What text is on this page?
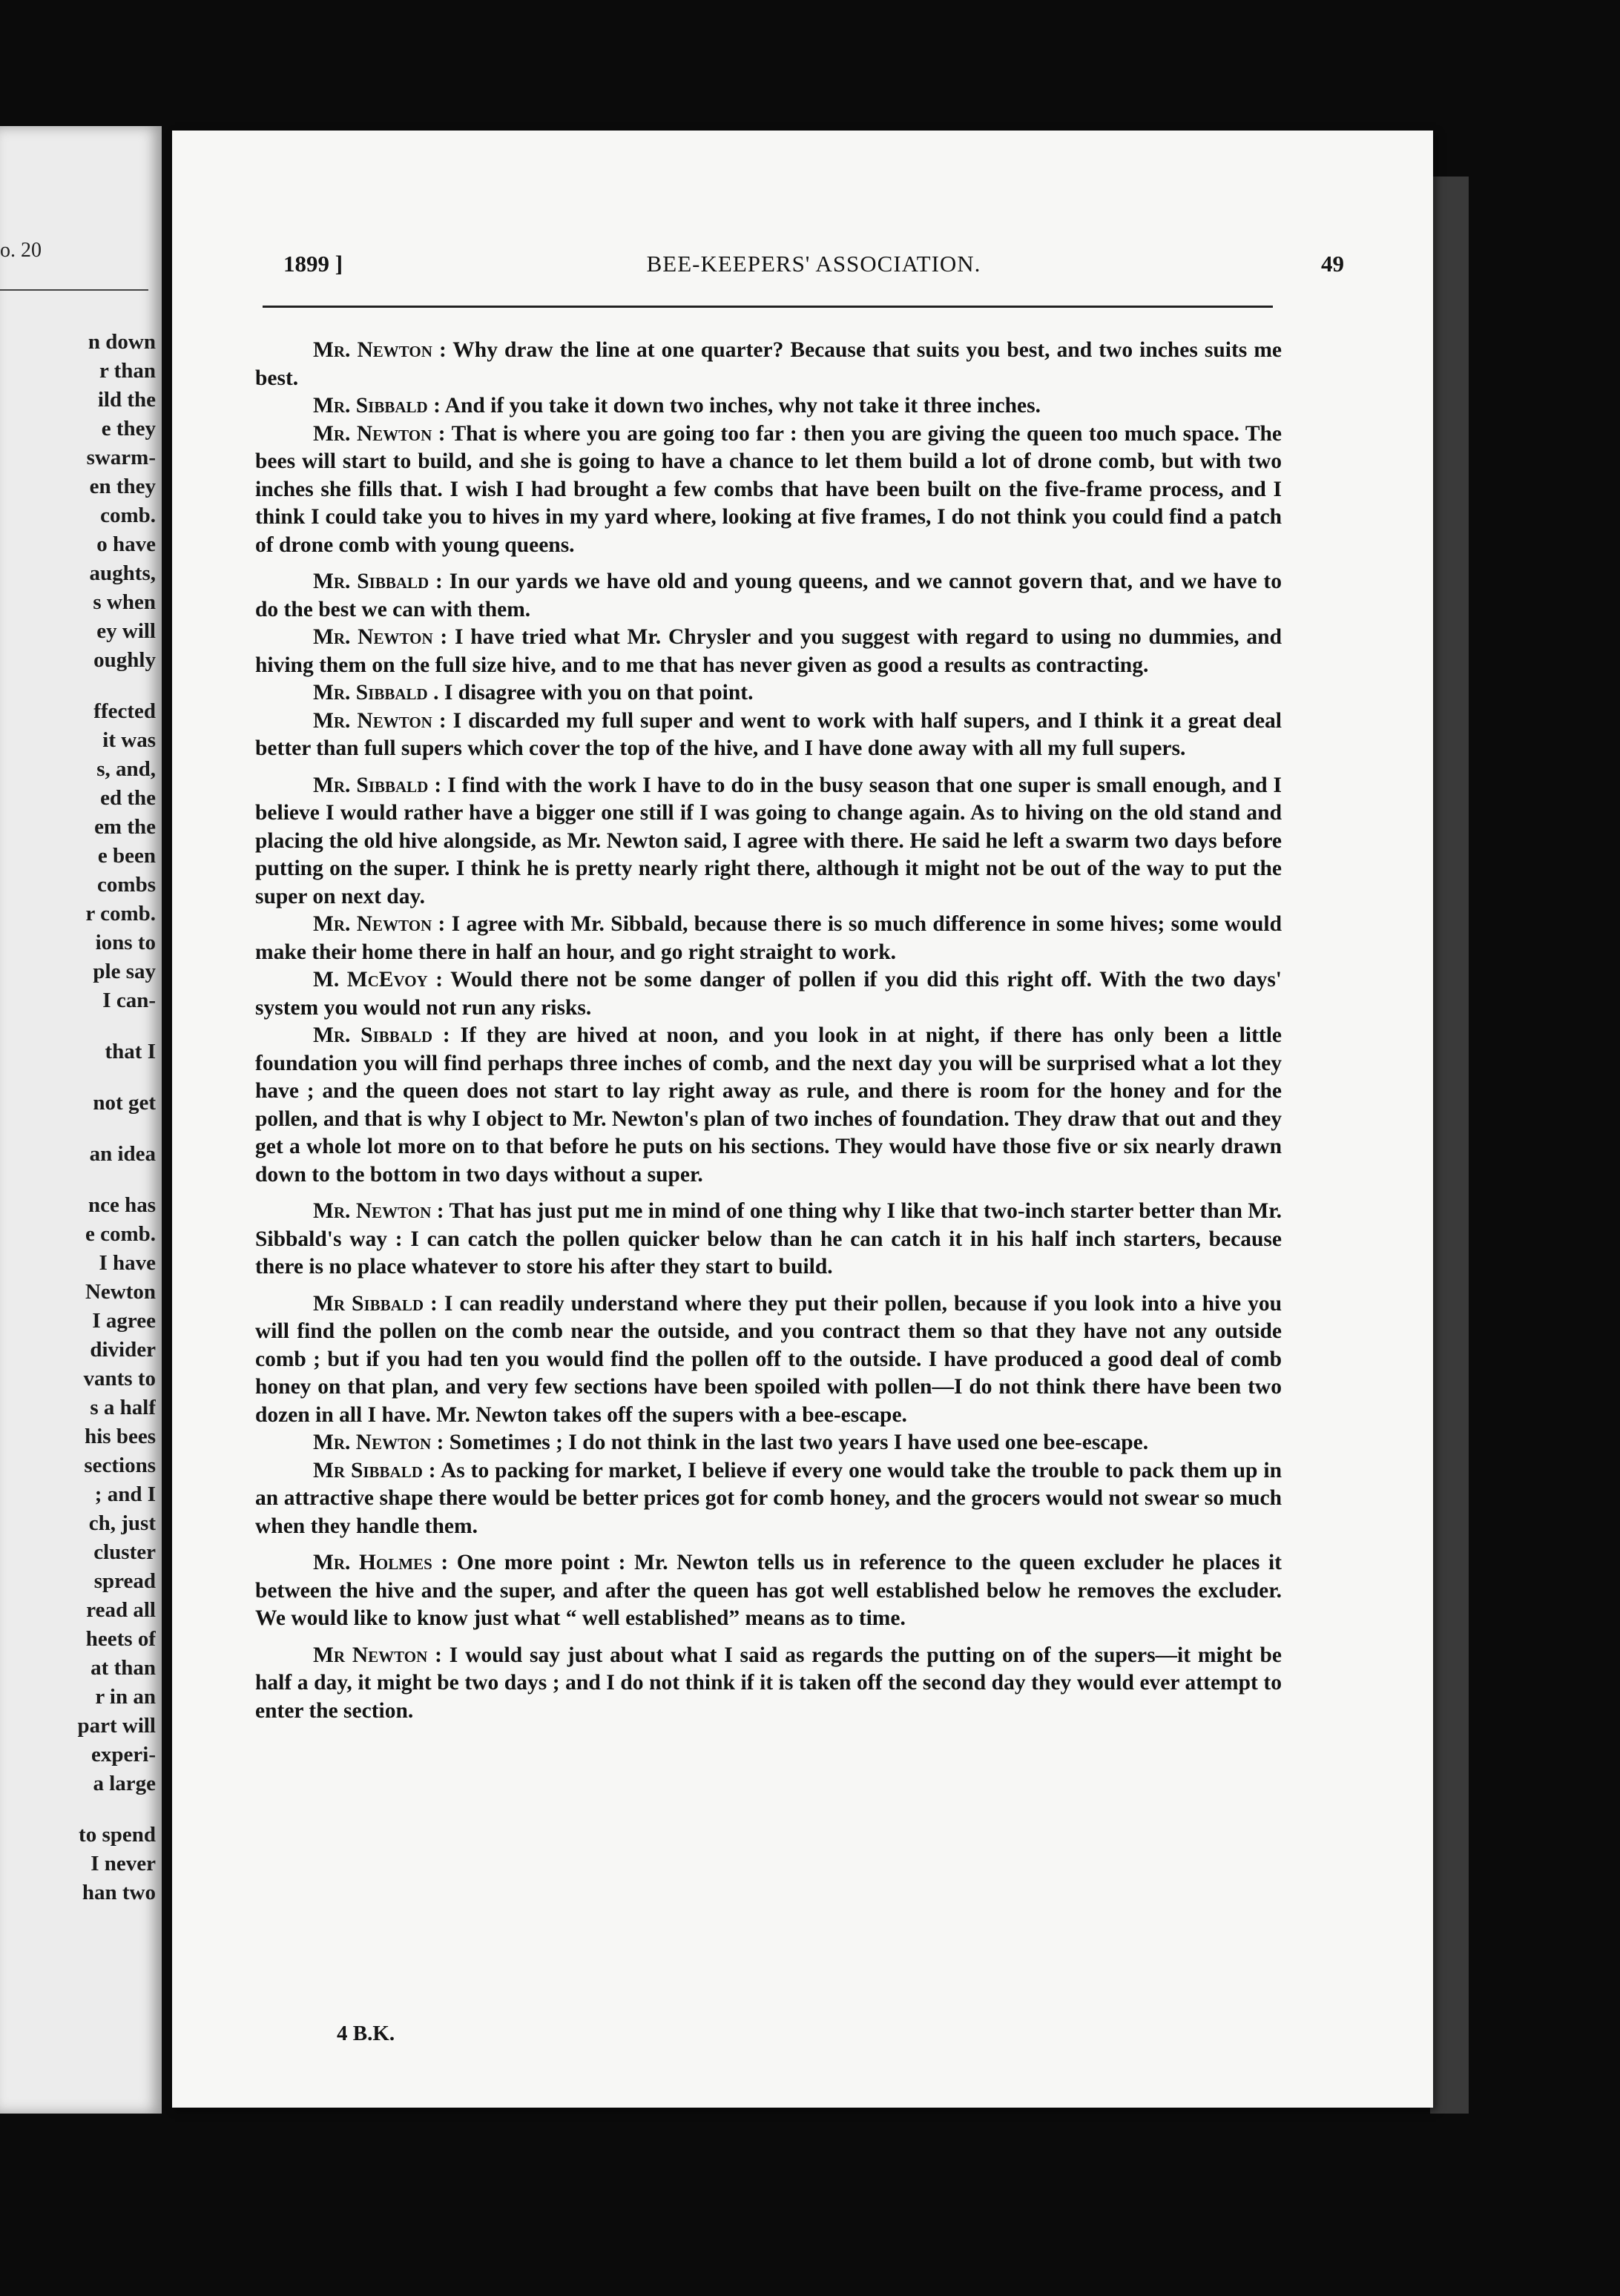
o. 20
n down
r than
ild the
e they
swarm-
en they
comb.
o have
aughts,
s when
ey will
oughly
ffected
it was
s, and,
ed the
em the
e been
combs
r comb.
ions to
ple say
I can-
that I
not get
an idea
nce has
e comb.
I have
Newton
I agree
divider
vants to
s a half
his bees
sections
; and I
ch, just
cluster
spread
read all
heets of
at than
r in an
part will
experi-
a large
to spend
I never
han two
1899 ]	BEE-KEEPERS' ASSOCIATION.	49

Mr. Newton : Why draw the line at one quarter? Because that suits you best, and two inches suits me best.

Mr. Sibbald : And if you take it down two inches, why not take it three inches.

Mr. Newton : That is where you are going too far : then you are giving the queen too much space. The bees will start to build, and she is going to have a chance to let them build a lot of drone comb, but with two inches she fills that. I wish I had brought a few combs that have been built on the five-frame process, and I think I could take you to hives in my yard where, looking at five frames, I do not think you could find a patch of drone comb with young queens.

Mr. Sibbald : In our yards we have old and young queens, and we cannot govern that, and we have to do the best we can with them.

Mr. Newton : I have tried what Mr. Chrysler and you suggest with regard to using no dummies, and hiving them on the full size hive, and to me that has never given as good a results as contracting.

Mr. Sibbald . I disagree with you on that point.

Mr. Newton : I discarded my full super and went to work with half supers, and I think it a great deal better than full supers which cover the top of the hive, and I have done away with all my full supers.

Mr. Sibbald : I find with the work I have to do in the busy season that one super is small enough, and I believe I would rather have a bigger one still if I was going to change again. As to hiving on the old stand and placing the old hive alongside, as Mr. Newton said, I agree with there. He said he left a swarm two days before putting on the super. I think he is pretty nearly right there, although it might not be out of the way to put the super on next day.

Mr. Newton : I agree with Mr. Sibbald, because there is so much difference in some hives; some would make their home there in half an hour, and go right straight to work.

M. McEvoy : Would there not be some danger of pollen if you did this right off. With the two days' system you would not run any risks.

Mr. Sibbald : If they are hived at noon, and you look in at night, if there has only been a little foundation you will find perhaps three inches of comb, and the next day you will be surprised what a lot they have ; and the queen does not start to lay right away as rule, and there is room for the honey and for the pollen, and that is why I object to Mr. Newton's plan of two inches of foundation. They draw that out and they get a whole lot more on to that before he puts on his sections. They would have those five or six nearly drawn down to the bottom in two days without a super.

Mr. Newton : That has just put me in mind of one thing why I like that two-inch starter better than Mr. Sibbald's way : I can catch the pollen quicker below than he can catch it in his half inch starters, because there is no place whatever to store his after they start to build.

Mr Sibbald : I can readily understand where they put their pollen, because if you look into a hive you will find the pollen on the comb near the outside, and you contract them so that they have not any outside comb ; but if you had ten you would find the pollen off to the outside. I have produced a good deal of comb honey on that plan, and very few sections have been spoiled with pollen—I do not think there have been two dozen in all I have. Mr. Newton takes off the supers with a bee-escape.

Mr. Newton : Sometimes ; I do not think in the last two years I have used one bee-escape.

Mr Sibbald : As to packing for market, I believe if every one would take the trouble to pack them up in an attractive shape there would be better prices got for comb honey, and the grocers would not swear so much when they handle them.

Mr. Holmes : One more point : Mr. Newton tells us in reference to the queen excluder he places it between the hive and the super, and after the queen has got well established below he removes the excluder. We would like to know just what “ well established” means as to time.

Mr Newton : I would say just about what I said as regards the putting on of the supers—it might be half a day, it might be two days ; and I do not think if it is taken off the second day they would ever attempt to enter the section.

4 B.K.
